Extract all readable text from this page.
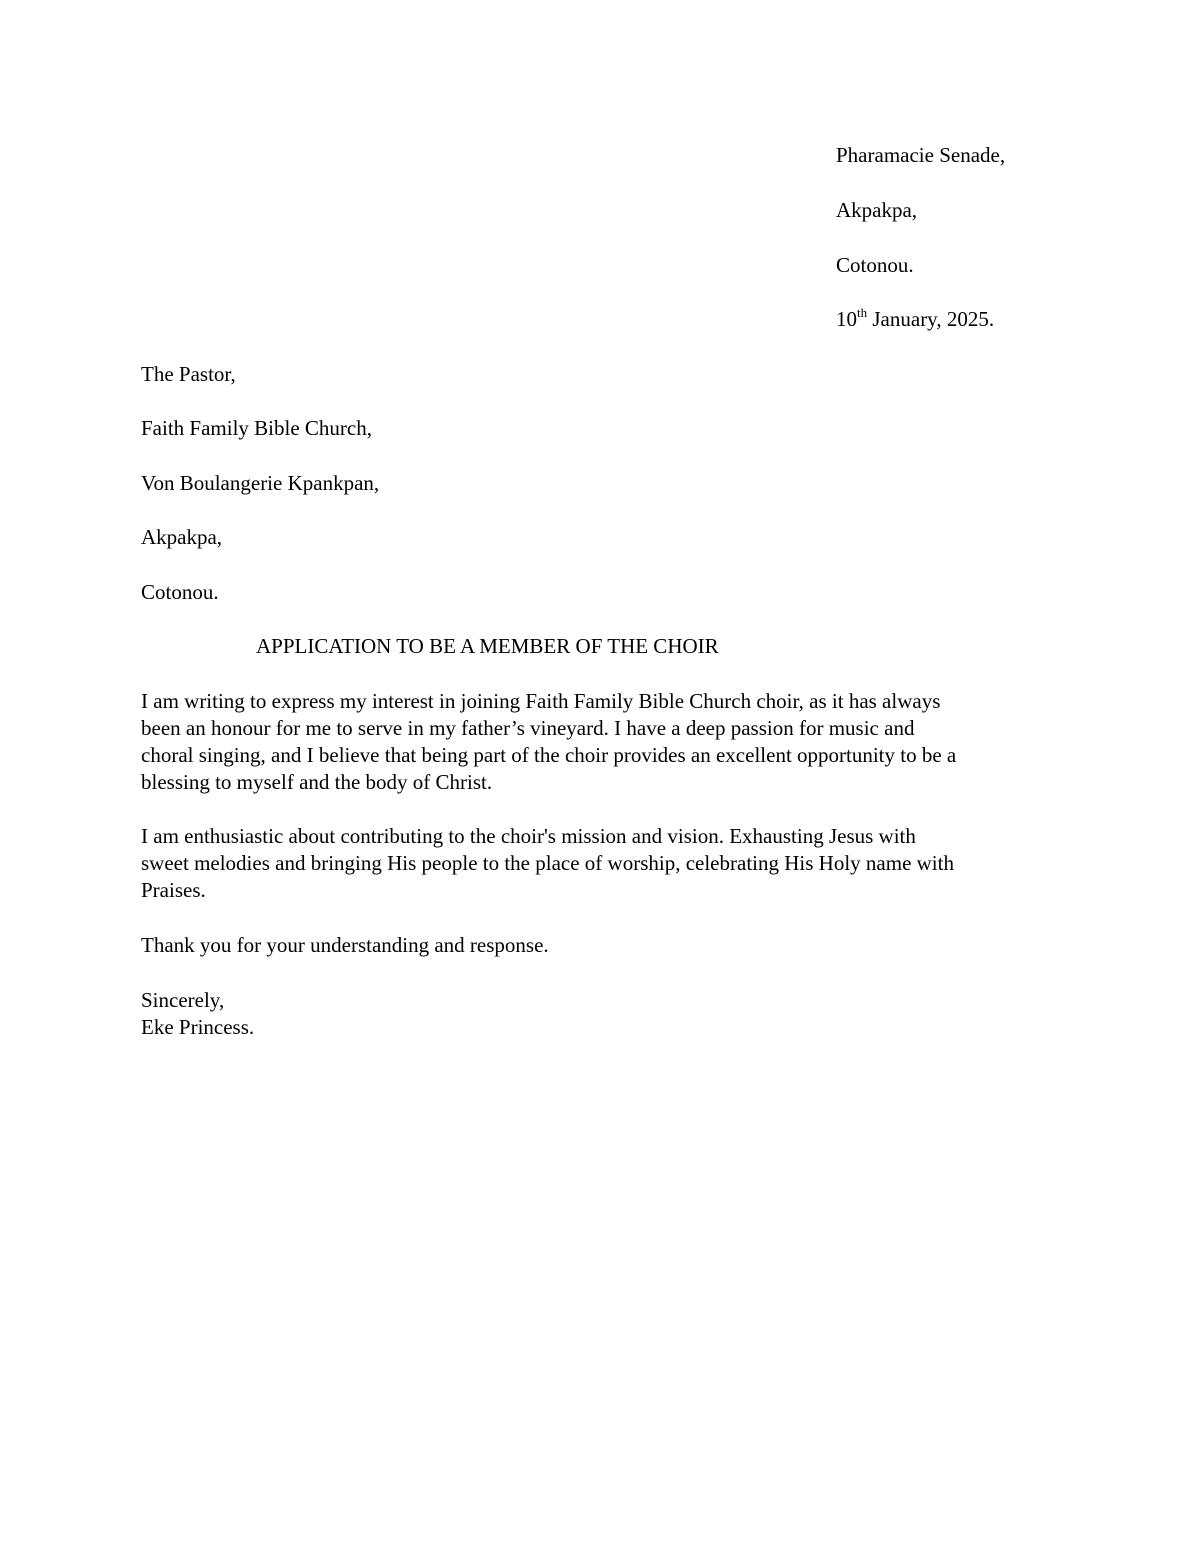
Pharamacie Senade,
Akpakpa,
Cotonou.
10th January, 2025.
The Pastor,
Faith Family Bible Church,
Von Boulangerie Kpankpan,
Akpakpa,
Cotonou.
APPLICATION TO BE A MEMBER OF THE CHOIR

I am writing to express my interest in joining Faith Family Bible Church choir, as it has always
been an honour for me to serve in my father’s vineyard. I have a deep passion for music and
choral singing, and I believe that being part of the choir provides an excellent opportunity to be a
blessing to myself and the body of Christ.

I am enthusiastic about contributing to the choir's mission and vision. Exhausting Jesus with
sweet melodies and bringing His people to the place of worship, celebrating His Holy name with
Praises.

Thank you for your understanding and response.
Sincerely,
Eke Princess.
